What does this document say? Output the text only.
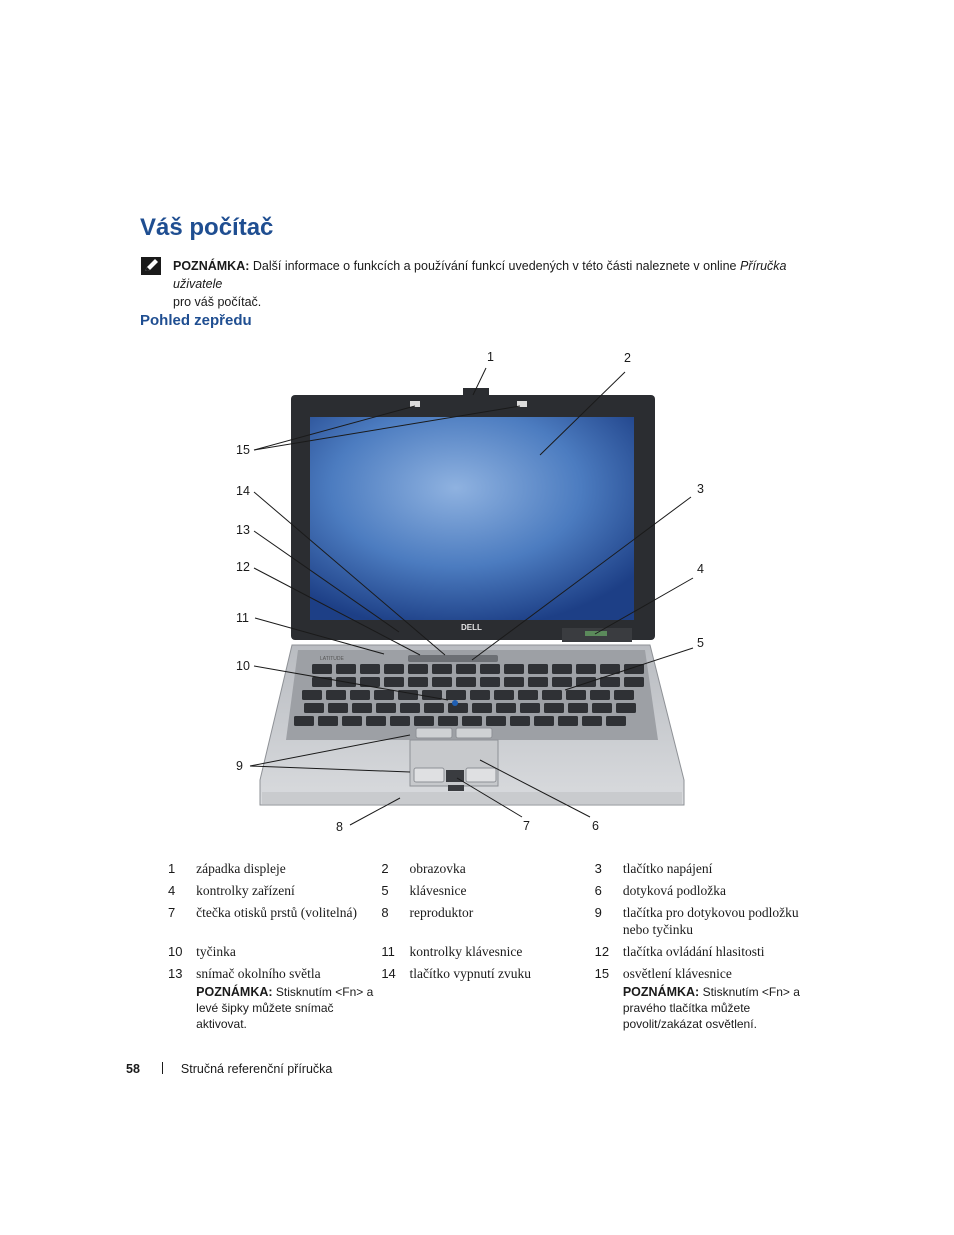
Váš počítač
POZNÁMKA: Další informace o funkcích a používání funkcí uvedených v této části naleznete v online Příručka uživatele
pro váš počítač.
Pohled zepředu
DELL
LATITUDE
1	2
3
4
5
6
7
8
9
10
11
12
13
14
15
1	západka displeje	2	obrazovka	3	tlačítko napájení
4	kontrolky zařízení	5	klávesnice	6	dotyková podložka
7	čtečka otisků prstů (volitelná)	8	reproduktor	9	tlačítka pro dotykovou podložku nebo tyčinku
10	tyčinka	11	kontrolky klávesnice	12	tlačítka ovládání hlasitosti
13	snímač okolního světla
POZNÁMKA: Stisknutím <Fn> a levé šipky můžete snímač aktivovat.	14	tlačítko vypnutí zvuku	15	osvětlení klávesnice
POZNÁMKA: Stisknutím <Fn> a pravého tlačítka můžete povolit/zakázat osvětlení.
58	Stručná referenční příručka
